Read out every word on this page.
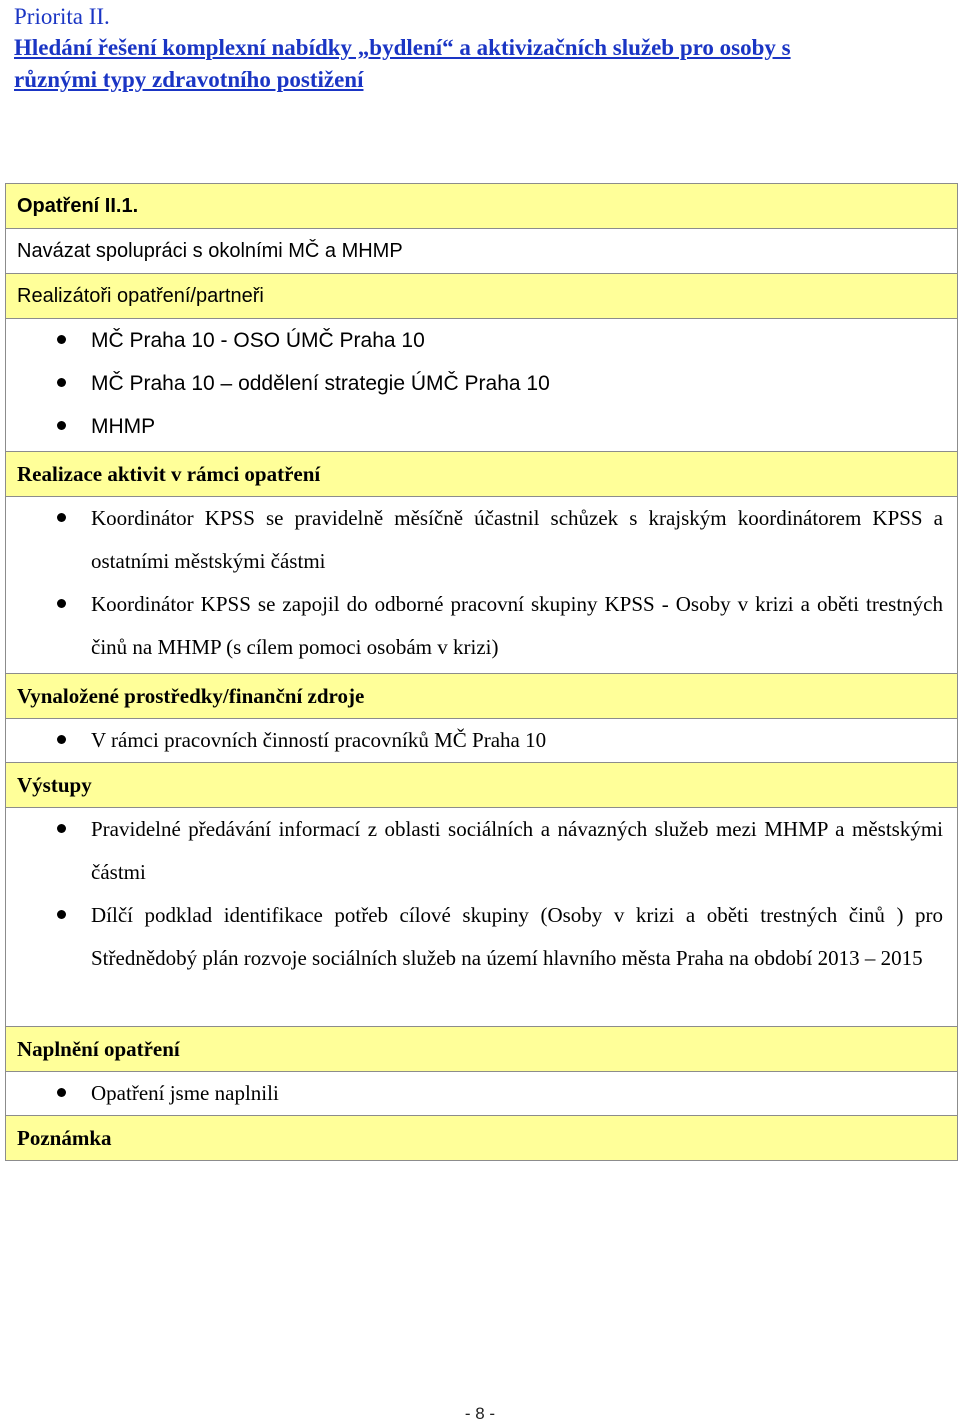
Priorita II.

Hledání řešení komplexní nabídky „bydlení“ a aktivizačních služeb pro osoby s různými typy zdravotního postižení

Opatření II.1.

Navázat spolupráci s okolními MČ a MHMP

Realizátoři opatření/partneři

MČ Praha 10 - OSO ÚMČ Praha 10
MČ Praha 10 – oddělení strategie ÚMČ Praha 10
MHMP

Realizace aktivit v rámci opatření

Koordinátor KPSS se pravidelně měsíčně účastnil schůzek s krajským koordinátorem KPSS a ostatními městskými částmi
Koordinátor KPSS se zapojil do odborné pracovní skupiny KPSS - Osoby v krizi a oběti trestných činů na MHMP (s cílem pomoci osobám v krizi)

Vynaložené prostředky/finanční zdroje

V rámci pracovních činností pracovníků MČ Praha 10

Výstupy

Pravidelné předávání informací z oblasti sociálních a návazných služeb mezi MHMP a městskými částmi
Dílčí podklad identifikace potřeb cílové skupiny (Osoby v krizi a oběti trestných činů ) pro Střednědobý plán rozvoje sociálních služeb na území hlavního města Praha na období 2013 – 2015

Naplnění opatření

Opatření jsme naplnili

Poznámka
- 8 -
